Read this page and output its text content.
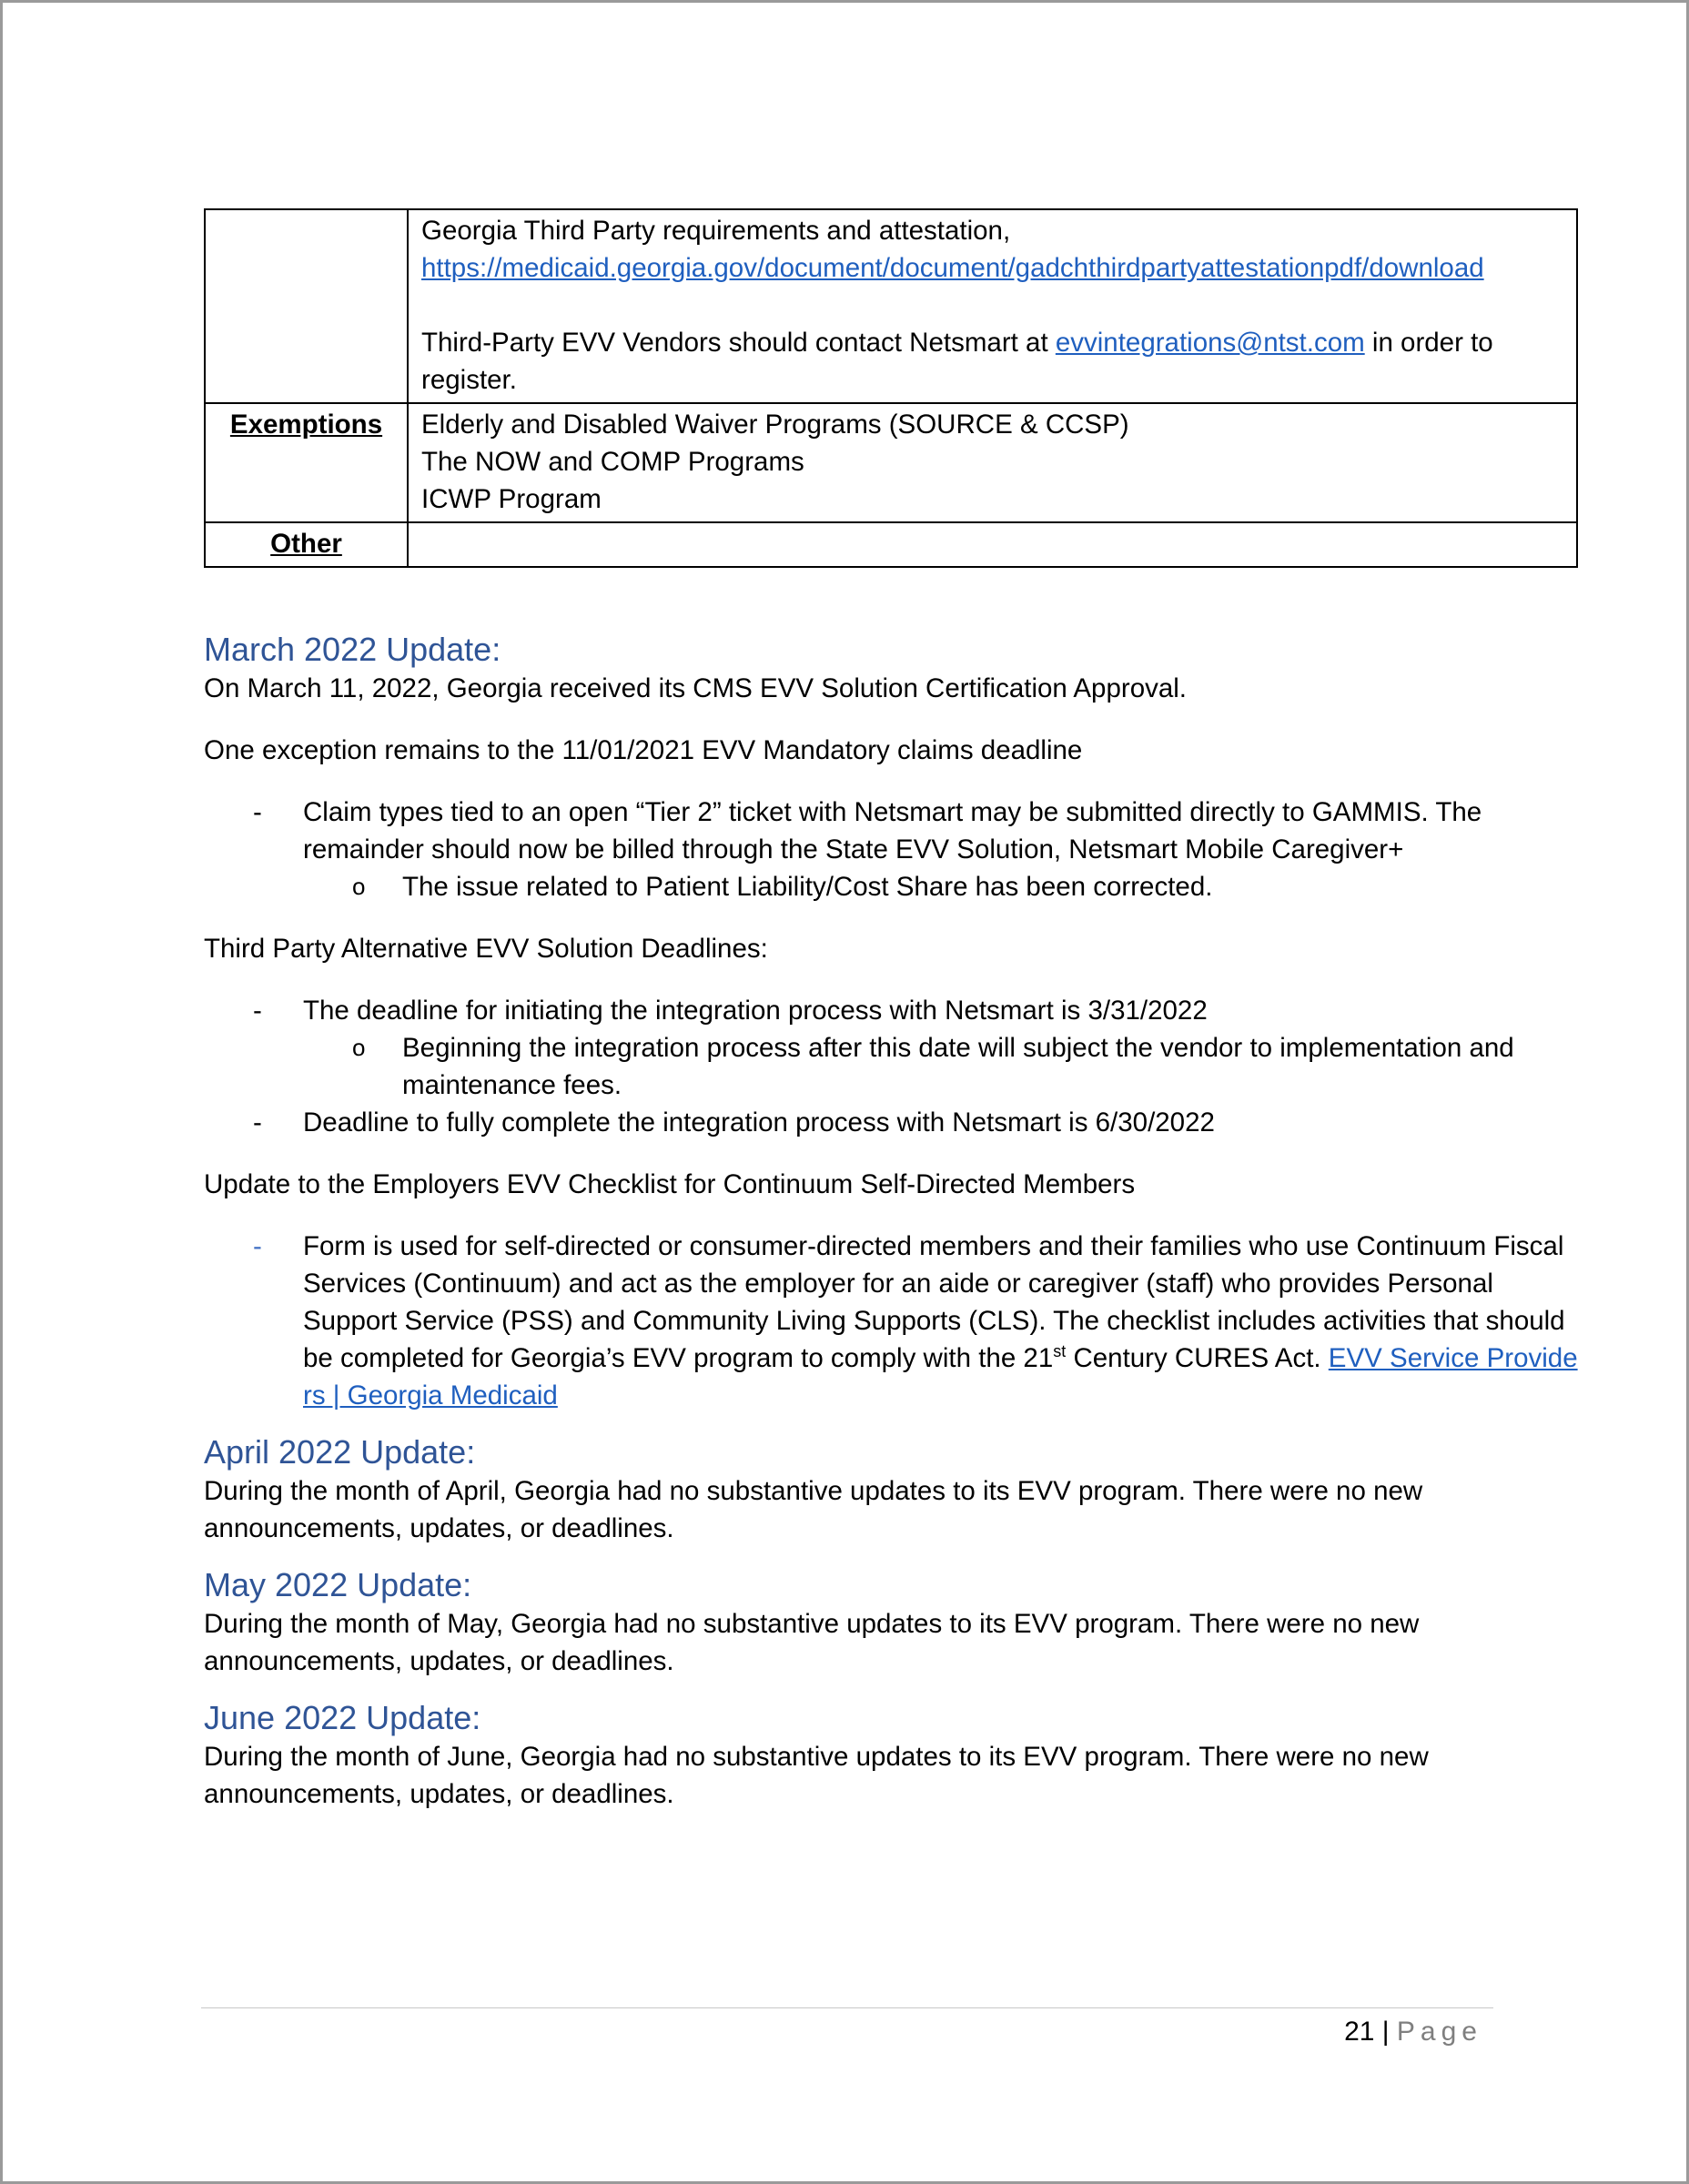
	Georgia Third Party requirements and attestation,

https://medicaid.georgia.gov/document/document/gadchthirdpartyattestationpdf/download

Third-Party EVV Vendors should contact Netsmart at evvintegrations@ntst.com in order to register.

Exemptions	Elderly and Disabled Waiver Programs (SOURCE & CCSP)

The NOW and COMP Programs

ICWP Program

Other	
March 2022 Update:

On March 11, 2022, Georgia received its CMS EVV Solution Certification Approval.

One exception remains to the 11/01/2021 EVV Mandatory claims deadline

- Claim types tied to an open “Tier 2” ticket with Netsmart may be submitted directly to GAMMIS. The remainder should now be billed through the State EVV Solution, Netsmart Mobile Caregiver+
o The issue related to Patient Liability/Cost Share has been corrected.

Third Party Alternative EVV Solution Deadlines:

- The deadline for initiating the integration process with Netsmart is 3/31/2022
o Beginning the integration process after this date will subject the vendor to implementation and maintenance fees.
- Deadline to fully complete the integration process with Netsmart is 6/30/2022

Update to the Employers EVV Checklist for Continuum Self-Directed Members

- Form is used for self-directed or consumer-directed members and their families who use Continuum Fiscal Services (Continuum) and act as the employer for an aide or caregiver (staff) who provides Personal Support Service (PSS) and Community Living Supports (CLS). The checklist includes activities that should be completed for Georgia’s EVV program to comply with the 21st Century CURES Act. EVV Service Providers | Georgia Medicaid
April 2022 Update:

During the month of April, Georgia had no substantive updates to its EVV program. There were no new announcements, updates, or deadlines.

May 2022 Update:

During the month of May, Georgia had no substantive updates to its EVV program. There were no new announcements, updates, or deadlines.

June 2022 Update:

During the month of June, Georgia had no substantive updates to its EVV program. There were no new announcements, updates, or deadlines.

21 | Page
